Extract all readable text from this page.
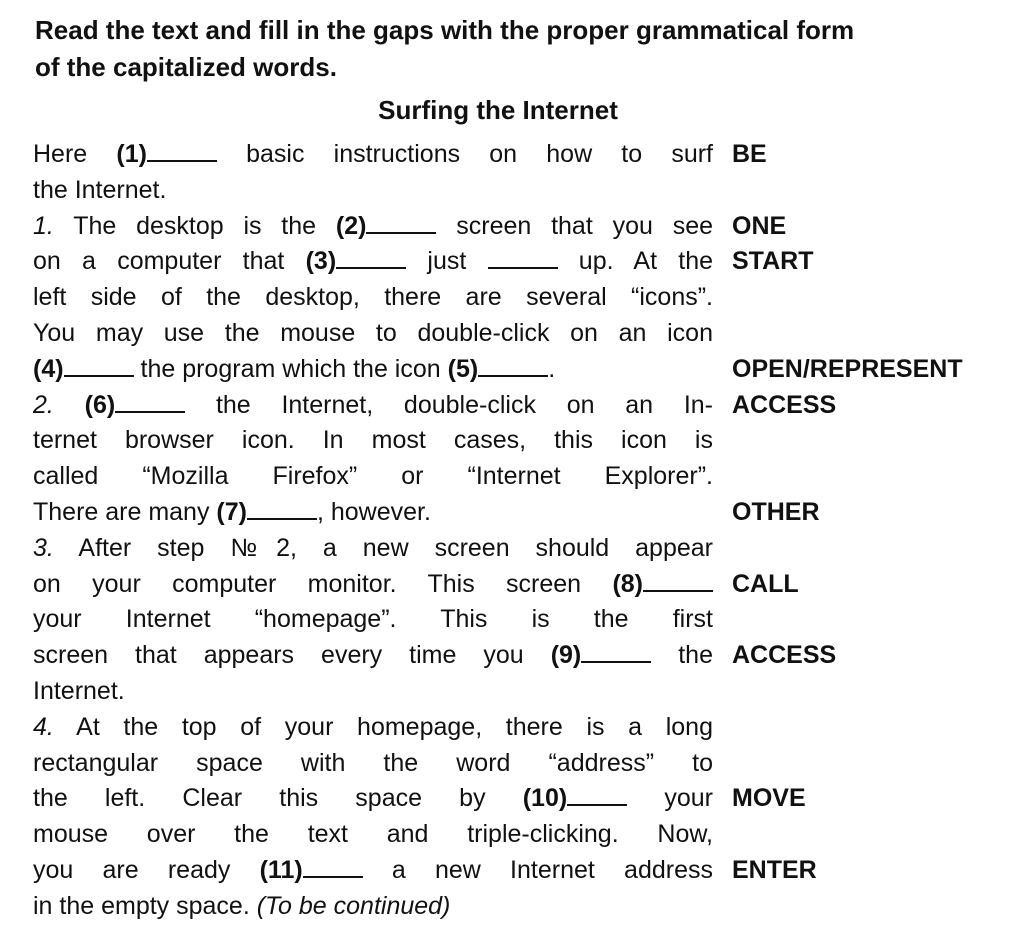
Read the text and fill in the gaps with the proper grammatical form
of the capitalized words.
Surfing the Internet
Here (1)	basic instructions on how to surf
the Internet.
1. The desktop is the (2)	screen that you see
on a computer that (3)	just	up. At the
left side of the desktop, there are several “icons”.
You may use the mouse to double-click on an icon
(4)	the program which the icon (5)	.
2. (6)	the Internet, double-click on an In-
ternet browser icon. In most cases, this icon is
called “Mozilla Firefox” or “Internet Explorer”.
There are many (7)	, however.
3. After step №2, a new screen should appear
on your computer monitor. This screen (8)
your Internet “homepage”. This is the first
screen that appears every time you (9)	the
Internet.
4. At the top of your homepage, there is a long
rectangular space with the word “address” to
the left. Clear this space by (10) your
mouse over the text and triple-clicking. Now,
you are ready (11) a new Internet address
in the empty space. (To be continued)
BE
ONE
START
OPEN/REPRESENT
ACCESS
OTHER
CALL
ACCESS
MOVE
ENTER
